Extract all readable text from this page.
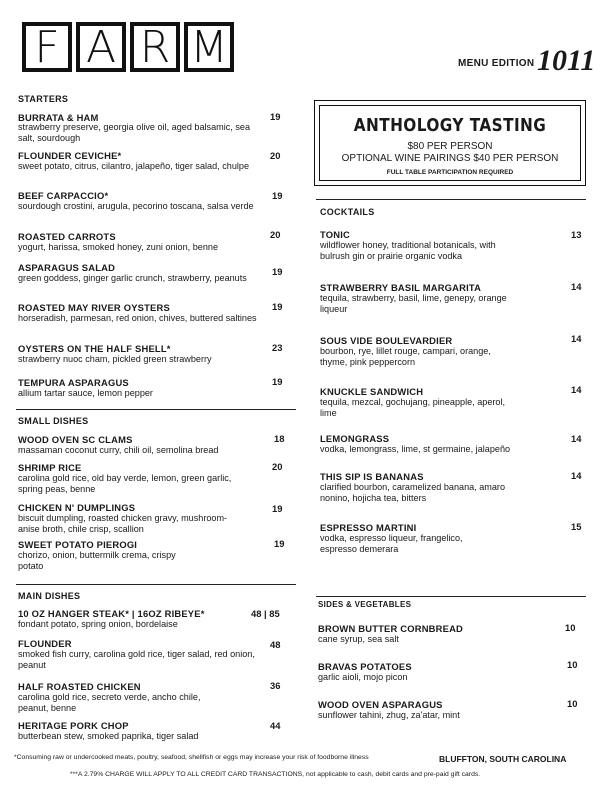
F A R M	MENU EDITION 1011
STARTERS
BURRATA & HAM	19
strawberry preserve, georgia olive oil, aged balsamic, sea salt, sourdough
FLOUNDER CEVICHE*	20
sweet potato, citrus, cilantro, jalapeño, tiger salad, chulpe
BEEF CARPACCIO*	19
sourdough crostini, arugula, pecorino toscana, salsa verde
ROASTED CARROTS	20
yogurt, harissa, smoked honey, zuni onion, benne
ASPARAGUS SALAD	19
green goddess, ginger garlic crunch, strawberry, peanuts
ROASTED MAY RIVER OYSTERS	19
horseradish, parmesan, red onion, chives, buttered saltines
OYSTERS ON THE HALF SHELL*	23
strawberry nuoc cham, pickled green strawberry
TEMPURA ASPARAGUS	19
allium tartar sauce, lemon pepper
SMALL DISHES
WOOD OVEN SC CLAMS	18
massaman coconut curry, chili oil, semolina bread
SHRIMP RICE	20
carolina gold rice, old bay verde, lemon, green garlic, spring peas, benne
CHICKEN N' DUMPLINGS	19
biscuit dumpling, roasted chicken gravy, mushroom-anise broth, chile crisp, scallion
SWEET POTATO PIEROGI	19
chorizo, onion, buttermilk crema, crispy potato
MAIN DISHES
10 OZ HANGER STEAK* | 16OZ RIBEYE*	48 | 85
fondant potato, spring onion, bordelaise
FLOUNDER	48
smoked fish curry, carolina gold rice, tiger salad, red onion, peanut
HALF ROASTED CHICKEN	36
carolina gold rice, secreto verde, ancho chile, peanut, benne
HERITAGE PORK CHOP	44
butterbean stew, smoked paprika, tiger salad
ANTHOLOGY TASTING
$80 PER PERSON
OPTIONAL WINE PAIRINGS $40 PER PERSON
FULL TABLE PARTICIPATION REQUIRED
COCKTAILS
TONIC	13
wildflower honey, traditional botanicals, with bulrush gin or prairie organic vodka
STRAWBERRY BASIL MARGARITA	14
tequila, strawberry, basil, lime, genepy, orange liqueur
SOUS VIDE BOULEVARDIER	14
bourbon, rye, lillet rouge, campari, orange, thyme, pink peppercorn
KNUCKLE SANDWICH	14
tequila, mezcal, gochujang, pineapple, aperol, lime
LEMONGRASS	14
vodka, lemongrass, lime, st germaine, jalapeño
THIS SIP IS BANANAS	14
clarified bourbon, caramelized banana, amaro nonino, hojicha tea, bitters
ESPRESSO MARTINI	15
vodka, espresso liqueur, frangelico, espresso demerara
SIDES & VEGETABLES
BROWN BUTTER CORNBREAD	10
cane syrup, sea salt
BRAVAS POTATOES	10
garlic aioli, mojo picon
WOOD OVEN ASPARAGUS	10
sunflower tahini, zhug, za'atar, mint
*Consuming raw or undercooked meats, poultry, seafood, shellfish or eggs may increase your risk of foodborne illness	BLUFFTON, SOUTH CAROLINA
***A 2.79% CHARGE WILL APPLY TO ALL CREDIT CARD TRANSACTIONS, not applicable to cash, debit cards and pre-paid gift cards.
